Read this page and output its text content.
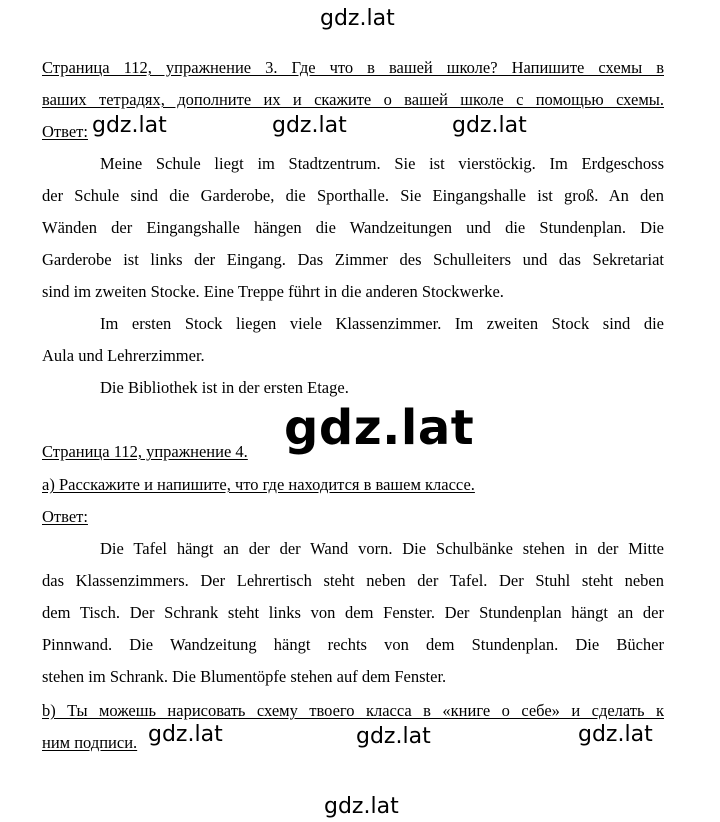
gdz.lat
gdz.lat	gdz.lat	gdz.lat
gdz.lat
gdz.lat	gdz.lat	gdz.lat
gdz.lat
Страница 112, упражнение 3. Где что в вашей школе? Напишите схемы в
ваших тетрадях, дополните их и скажите о вашей школе с помощью схемы.
Ответ:
Meine Schule liegt im Stadtzentrum. Sie ist vierstöckig. Im Erdgeschoss
der Schule sind die Garderobe, die Sporthalle. Sie Eingangshalle ist groß. An den
Wänden der Eingangshalle hängen die Wandzeitungen und die Stundenplan. Die
Garderobe ist links der Eingang. Das Zimmer des Schulleiters und das Sekretariat
sind im zweiten Stocke. Eine Treppe führt in die anderen Stockwerke.
Im ersten Stock liegen viele Klassenzimmer. Im zweiten Stock sind die
Aula und Lehrerzimmer.
Die Bibliothek ist in der ersten Etage.
Страница 112, упражнение 4.
а) Расскажите и напишите, что где находится в вашем классе.
Ответ:
Die Tafel hängt an der der Wand vorn. Die Schulbänke stehen in der Mitte
das Klassenzimmers. Der Lehrertisch steht neben der Tafel. Der Stuhl steht neben
dem Tisch. Der Schrank steht links von dem Fenster. Der Stundenplan hängt an der
Pinnwand. Die Wandzeitung hängt rechts von dem Stundenplan. Die Bücher
stehen im Schrank. Die Blumentöpfe stehen auf dem Fenster.
b) Ты можешь нарисовать схему твоего класса в «книге о себе» и сделать к
ним подписи.
